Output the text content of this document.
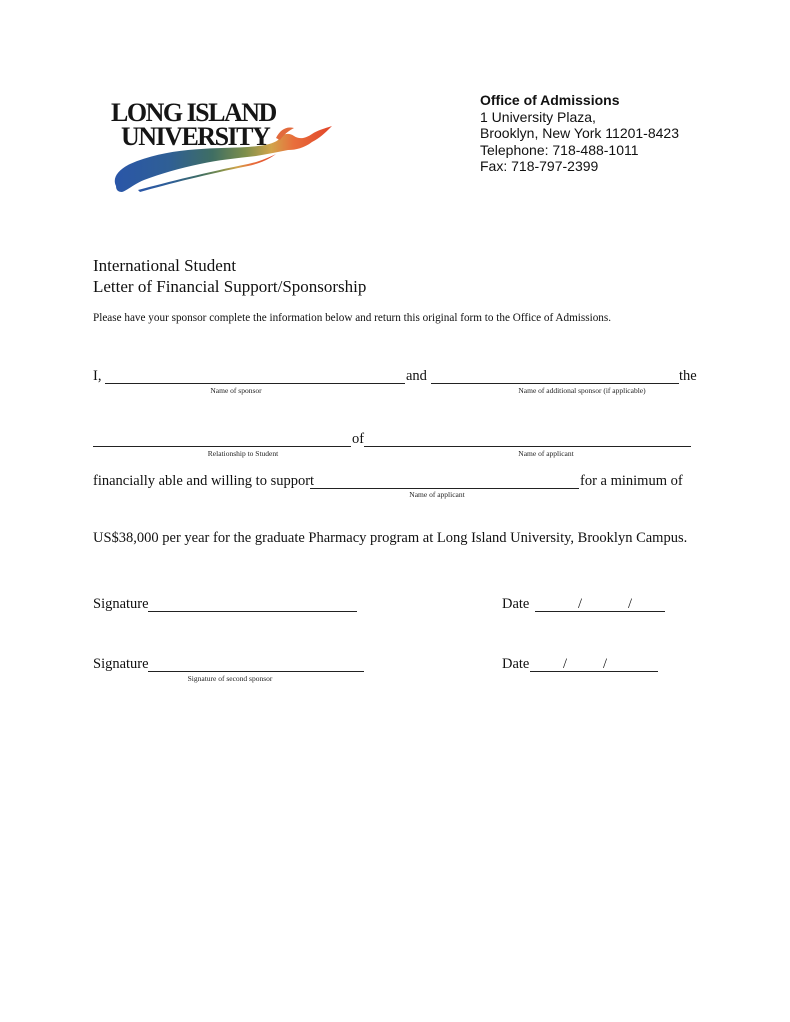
LONG ISLAND
UNIVERSITY
Office of Admissions
1 University Plaza,
Brooklyn, New York 11201-8423
Telephone: 718-488-1011
Fax: 718-797-2399
International Student
Letter of Financial Support/Sponsorship
Please have your sponsor complete the information below and return this original form to the Office of Admissions.
I,	and	the
Name of sponsor	Name of additional sponsor (if applicable)
of
Relationship to Student	Name of applicant
financially able and willing to support	for a minimum of
Name of applicant
US$38,000 per year for the graduate Pharmacy program at Long Island University, Brooklyn Campus.
Signature	Date	/	/
Signature
Signature of second sponsor
Date / /
